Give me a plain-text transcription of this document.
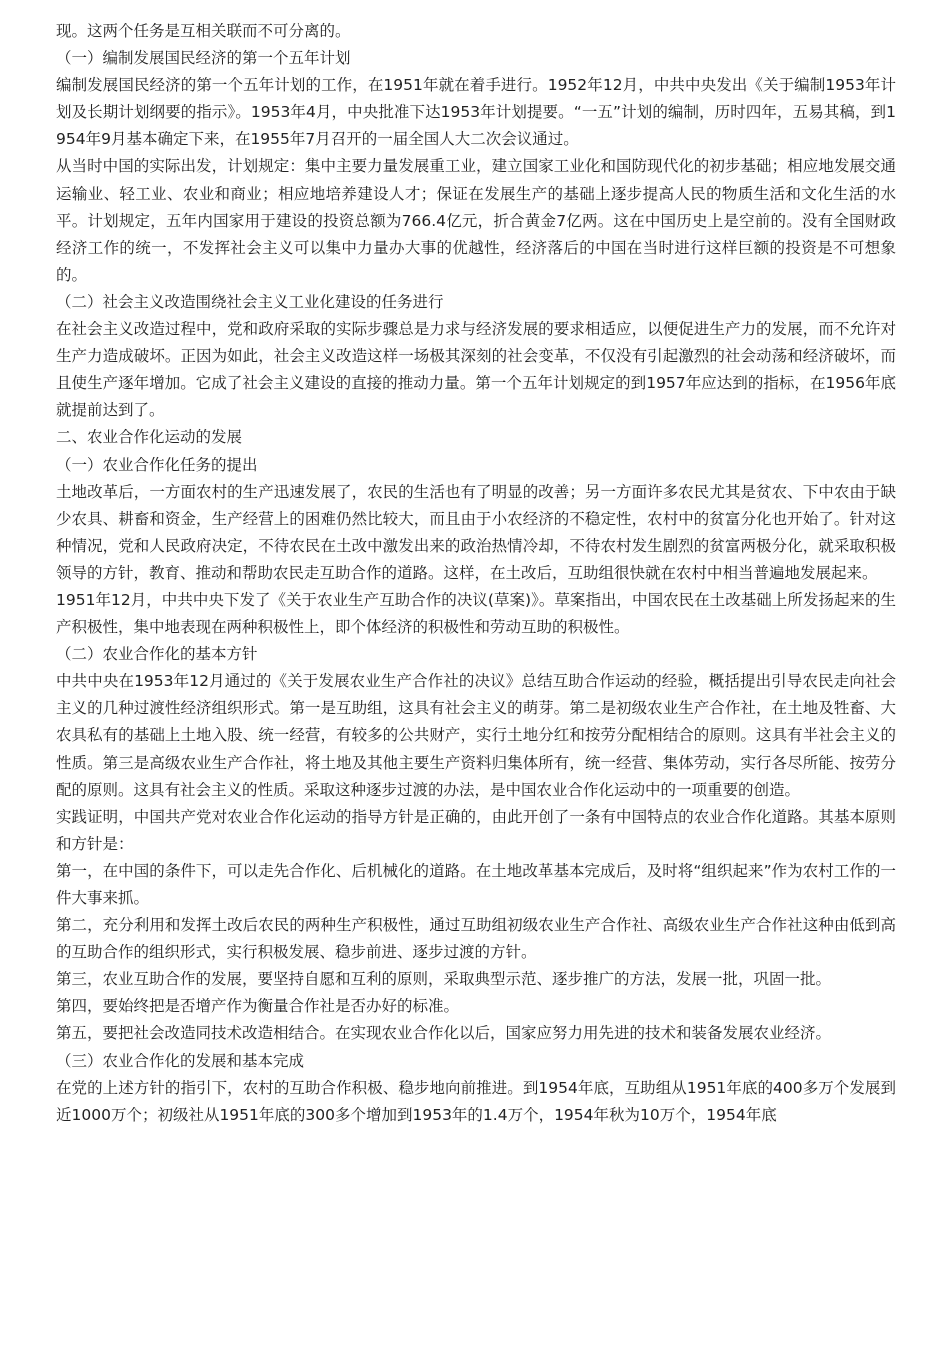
现。这两个任务是互相关联而不可分离的。

（一）编制发展国民经济的第一个五年计划

编制发展国民经济的第一个五年计划的工作，在1951年就在着手进行。1952年12月，中共中央发出《关于编制1953年计划及长期计划纲要的指示》。1953年4月，中央批准下达1953年计划提要。“一五”计划的编制，历时四年，五易其稿，到1954年9月基本确定下来，在1955年7月召开的一届全国人大二次会议通过。

从当时中国的实际出发，计划规定：集中主要力量发展重工业，建立国家工业化和国防现代化的初步基础；相应地发展交通运输业、轻工业、农业和商业；相应地培养建设人才；保证在发展生产的基础上逐步提高人民的物质生活和文化生活的水平。计划规定，五年内国家用于建设的投资总额为766.4亿元，折合黄金7亿两。这在中国历史上是空前的。没有全国财政经济工作的统一，不发挥社会主义可以集中力量办大事的优越性，经济落后的中国在当时进行这样巨额的投资是不可想象的。

（二）社会主义改造围绕社会主义工业化建设的任务进行

在社会主义改造过程中，党和政府采取的实际步骤总是力求与经济发展的要求相适应，以便促进生产力的发展，而不允许对生产力造成破坏。正因为如此，社会主义改造这样一场极其深刻的社会变革，不仅没有引起激烈的社会动荡和经济破坏，而且使生产逐年增加。它成了社会主义建设的直接的推动力量。第一个五年计划规定的到1957年应达到的指标，在1956年底就提前达到了。

二、农业合作化运动的发展

（一）农业合作化任务的提出

土地改革后，一方面农村的生产迅速发展了，农民的生活也有了明显的改善；另一方面许多农民尤其是贫农、下中农由于缺少农具、耕畜和资金，生产经营上的困难仍然比较大，而且由于小农经济的不稳定性，农村中的贫富分化也开始了。针对这种情况，党和人民政府决定，不待农民在土改中激发出来的政治热情冷却，不待农村发生剧烈的贫富两极分化，就采取积极领导的方针，教育、推动和帮助农民走互助合作的道路。这样，在土改后，互助组很快就在农村中相当普遍地发展起来。

1951年12月，中共中央下发了《关于农业生产互助合作的决议(草案)》。草案指出，中国农民在土改基础上所发扬起来的生产积极性，集中地表现在两种积极性上，即个体经济的积极性和劳动互助的积极性。

（二）农业合作化的基本方针

中共中央在1953年12月通过的《关于发展农业生产合作社的决议》总结互助合作运动的经验，概括提出引导农民走向社会主义的几种过渡性经济组织形式。第一是互助组，这具有社会主义的萌芽。第二是初级农业生产合作社，在土地及牲畜、大农具私有的基础上土地入股、统一经营，有较多的公共财产，实行土地分红和按劳分配相结合的原则。这具有半社会主义的性质。第三是高级农业生产合作社，将土地及其他主要生产资料归集体所有，统一经营、集体劳动，实行各尽所能、按劳分配的原则。这具有社会主义的性质。采取这种逐步过渡的办法，是中国农业合作化运动中的一项重要的创造。

实践证明，中国共产党对农业合作化运动的指导方针是正确的，由此开创了一条有中国特点的农业合作化道路。其基本原则和方针是：

第一，在中国的条件下，可以走先合作化、后机械化的道路。在土地改革基本完成后，及时将“组织起来”作为农村工作的一件大事来抓。

第二，充分利用和发挥土改后农民的两种生产积极性，通过互助组初级农业生产合作社、高级农业生产合作社这种由低到高的互助合作的组织形式，实行积极发展、稳步前进、逐步过渡的方针。

第三，农业互助合作的发展，要坚持自愿和互利的原则，采取典型示范、逐步推广的方法，发展一批，巩固一批。

第四，要始终把是否增产作为衡量合作社是否办好的标准。

第五，要把社会改造同技术改造相结合。在实现农业合作化以后，国家应努力用先进的技术和装备发展农业经济。

（三）农业合作化的发展和基本完成

在党的上述方针的指引下，农村的互助合作积极、稳步地向前推进。到1954年底，互助组从1951年底的400多万个发展到近1000万个；初级社从1951年底的300多个增加到1953年的1.4万个，1954年秋为10万个，1954年底
